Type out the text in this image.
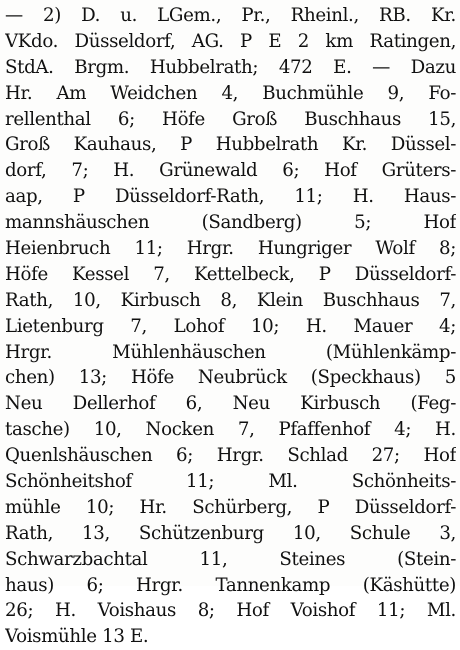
— 2) D. u. LGem., Pr., Rheinl., RB. Kr.
VKdo. Düsseldorf, AG. P E 2 km Ratingen,
StdA. Brgm. Hubbelrath; 472 E. — Dazu
Hr. Am Weidchen 4, Buchmühle 9, Fo-
rellenthal 6; Höfe Groß Buschhaus 15,
Groß Kauhaus, P Hubbelrath Kr. Düssel-
dorf, 7; H. Grünewald 6; Hof Grüters-
aap, P Düsseldorf-Rath, 11; H. Haus-
mannshäuschen (Sandberg) 5; Hof
Heienbruch 11; Hrgr. Hungriger Wolf 8;
Höfe Kessel 7, Kettelbeck, P Düsseldorf-
Rath, 10, Kirbusch 8, Klein Buschhaus 7,
Lietenburg 7, Lohof 10; H. Mauer 4;
Hrgr. Mühlenhäuschen (Mühlenkämp-
chen) 13; Höfe Neubrück (Speckhaus) 5
Neu Dellerhof 6, Neu Kirbusch (Feg-
tasche) 10, Nocken 7, Pfaffenhof 4; H.
Quenlshäuschen 6; Hrgr. Schlad 27; Hof
Schönheitshof 11; Ml. Schönheits-
mühle 10; Hr. Schürberg, P Düsseldorf-
Rath, 13, Schützenburg 10, Schule 3,
Schwarzbachtal 11, Steines (Stein-
haus) 6; Hrgr. Tannenkamp (Käshütte)
26; H. Voishaus 8; Hof Voishof 11; Ml.
Voismühle 13 E.
